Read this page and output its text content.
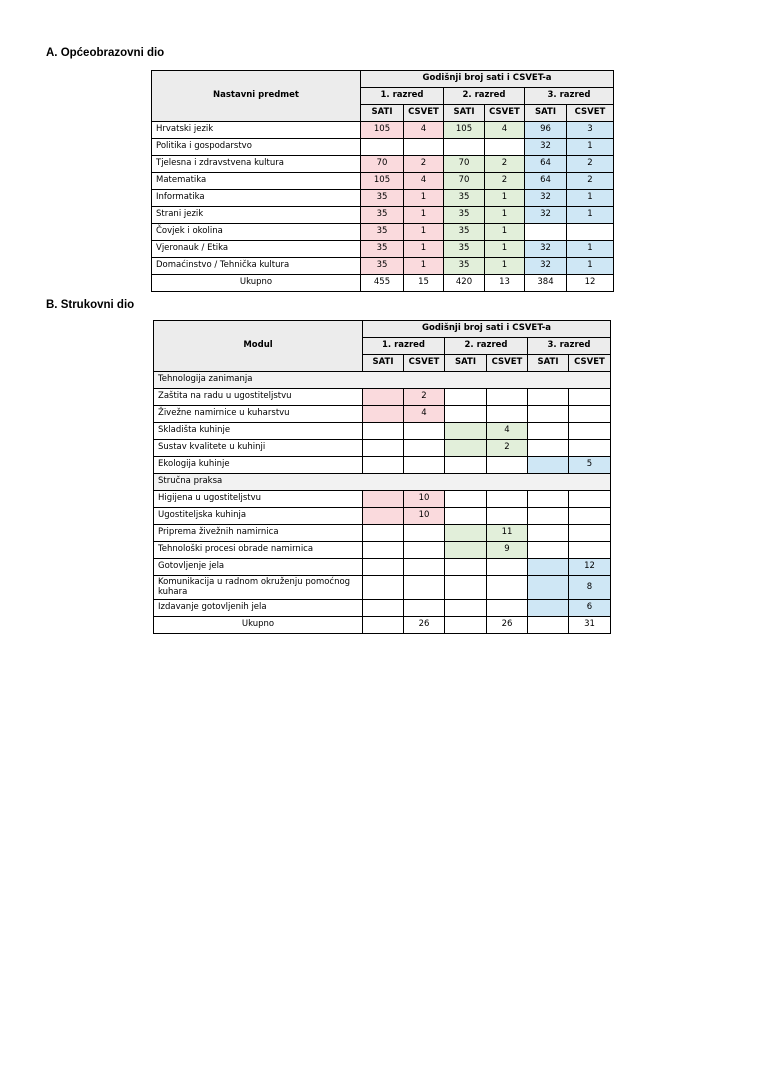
A. Općeobrazovni dio
Nastavni predmet	Godišnji broj sati i CSVET-a					
	1. razred		2. razred		3. razred	
	SATI	CSVET	SATI	CSVET	SATI	CSVET
Hrvatski jezik	105	4	105	4	96	3
Politika i gospodarstvo					32	1
Tjelesna i zdravstvena kultura	70	2	70	2	64	2
Matematika	105	4	70	2	64	2
Informatika	35	1	35	1	32	1
Strani jezik	35	1	35	1	32	1
Čovjek i okolina	35	1	35	1		
Vjeronauk / Etika	35	1	35	1	32	1
Domaćinstvo / Tehnička kultura	35	1	35	1	32	1
Ukupno	455	15	420	13	384	12
B. Strukovni dio
Modul	Godišnji broj sati i CSVET-a					
	1. razred		2. razred		3. razred	
	SATI	CSVET	SATI	CSVET	SATI	CSVET
Tehnologija zanimanja						
Zaštita na radu u ugostiteljstvu		2				
Živežne namirnice u kuharstvu		4				
Skladišta kuhinje				4		
Sustav kvalitete u kuhinji				2		
Ekologija kuhinje						5
Stručna praksa						
Higijena u ugostiteljstvu		10				
Ugostiteljska kuhinja		10				
Priprema živežnih namirnica				11		
Tehnološki procesi obrade namirnica				9		
Gotovljenje jela						12
Komunikacija u radnom okruženju pomoćnog kuhara						8
Izdavanje gotovljenih jela						6
Ukupno		26		26		31
